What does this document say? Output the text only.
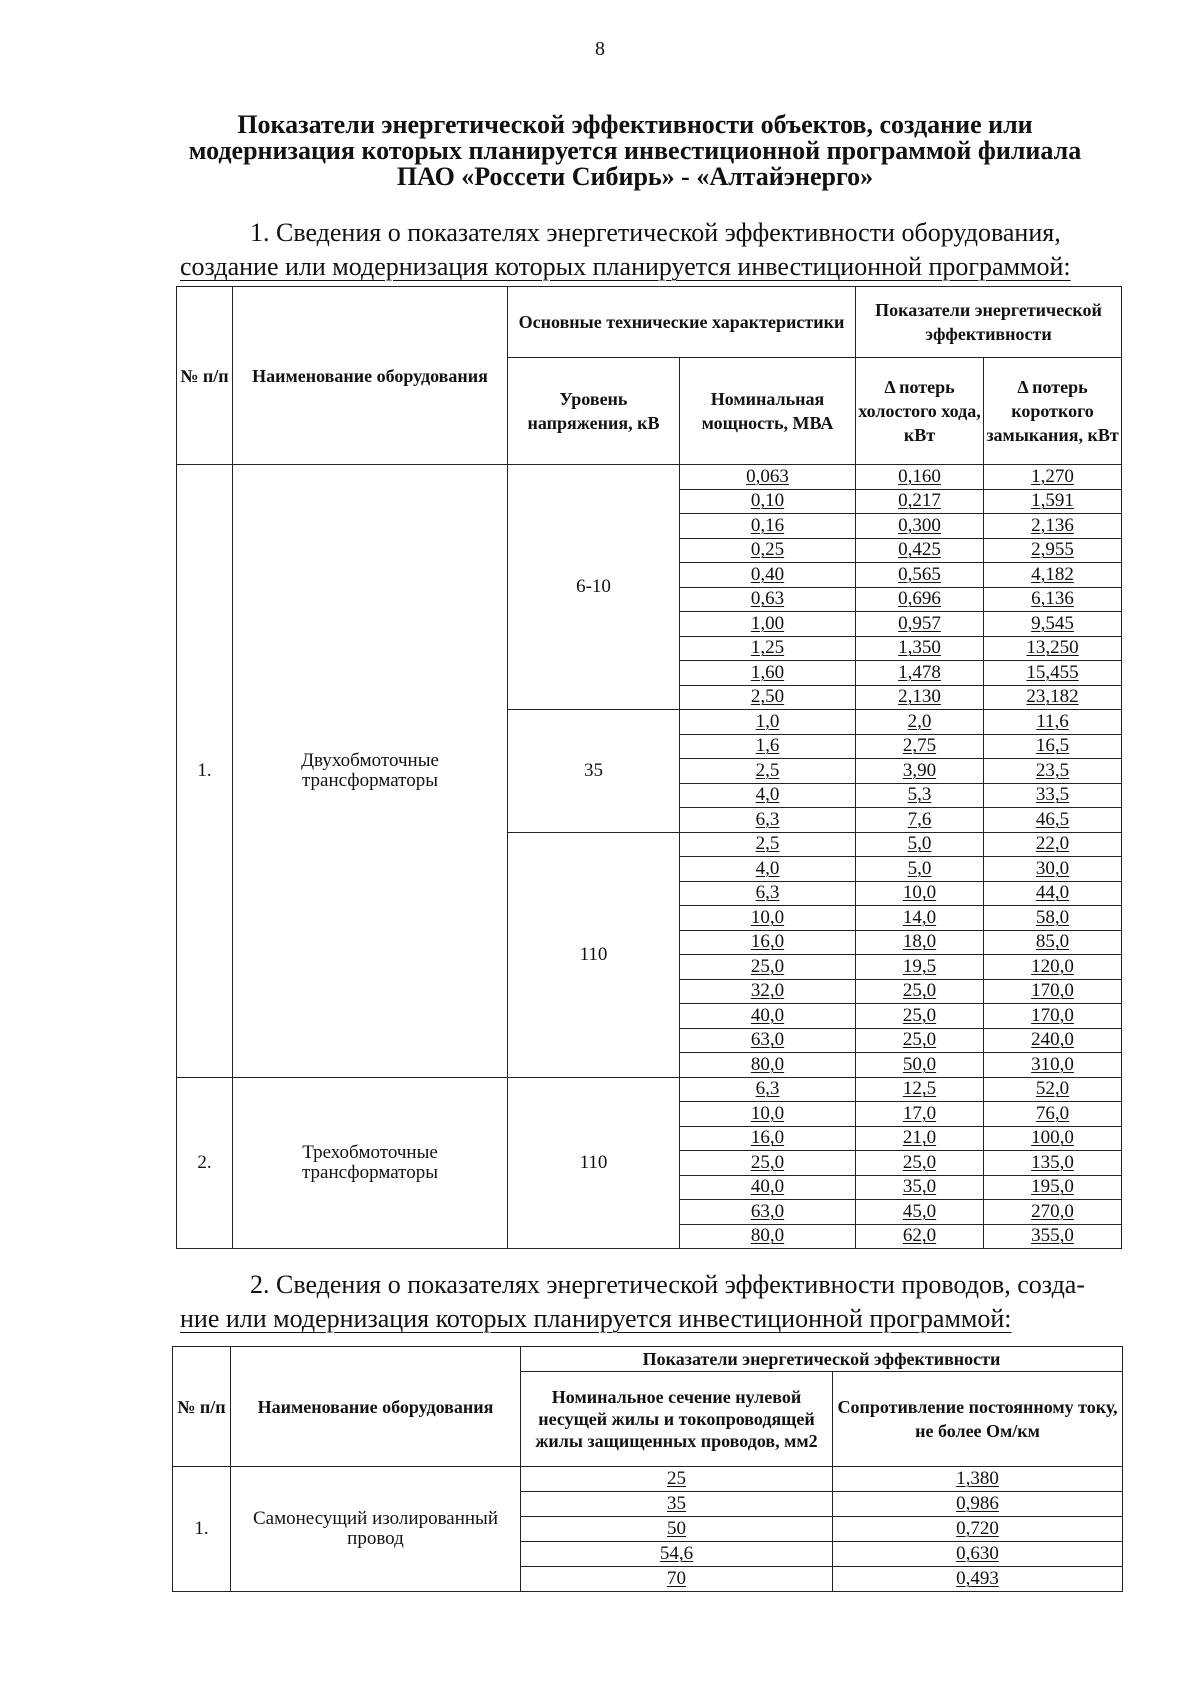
8
Показатели энергетической эффективности объектов, создание или
модернизация которых планируется инвестиционной программой филиала
ПАО «Россети Сибирь» - «Алтайэнерго»
1. Сведения о показателях энергетической эффективности оборудования,
создание или модернизация которых планируется инвестиционной программой:
№ п/п	Наименование оборудования	Основные технические характеристики		Показатели энергетической эффективности	
		Уровень напряжения, кВ	Номинальная мощность, МВА	Δ потерь холостого хода, кВт	Δ потерь короткого замыкания, кВт
1.	Двухобмоточные трансформаторы	6-10	0,063	0,160	1,270
			0,10	0,217	1,591
			0,16	0,300	2,136
			0,25	0,425	2,955
			0,40	0,565	4,182
			0,63	0,696	6,136
			1,00	0,957	9,545
			1,25	1,350	13,250
			1,60	1,478	15,455
			2,50	2,130	23,182
		35	1,0	2,0	11,6
			1,6	2,75	16,5
			2,5	3,90	23,5
			4,0	5,3	33,5
			6,3	7,6	46,5
		110	2,5	5,0	22,0
			4,0	5,0	30,0
			6,3	10,0	44,0
			10,0	14,0	58,0
			16,0	18,0	85,0
			25,0	19,5	120,0
			32,0	25,0	170,0
			40,0	25,0	170,0
			63,0	25,0	240,0
			80,0	50,0	310,0
2.	Трехобмоточные трансформаторы	110	6,3	12,5	52,0
			10,0	17,0	76,0
			16,0	21,0	100,0
			25,0	25,0	135,0
			40,0	35,0	195,0
			63,0	45,0	270,0
			80,0	62,0	355,0
2. Сведения о показателях энергетической эффективности проводов, созда-
ние или модернизация которых планируется инвестиционной программой:
№ п/п	Наименование оборудования	Показатели энергетической эффективности	
		Номинальное сечение нулевой несущей жилы и токопроводящей жилы защищенных проводов, мм2	Сопротивление постоянному току, не более Ом/км
1.	Самонесущий изолированный провод	25	1,380
		35	0,986
		50	0,720
		54,6	0,630
		70	0,493
